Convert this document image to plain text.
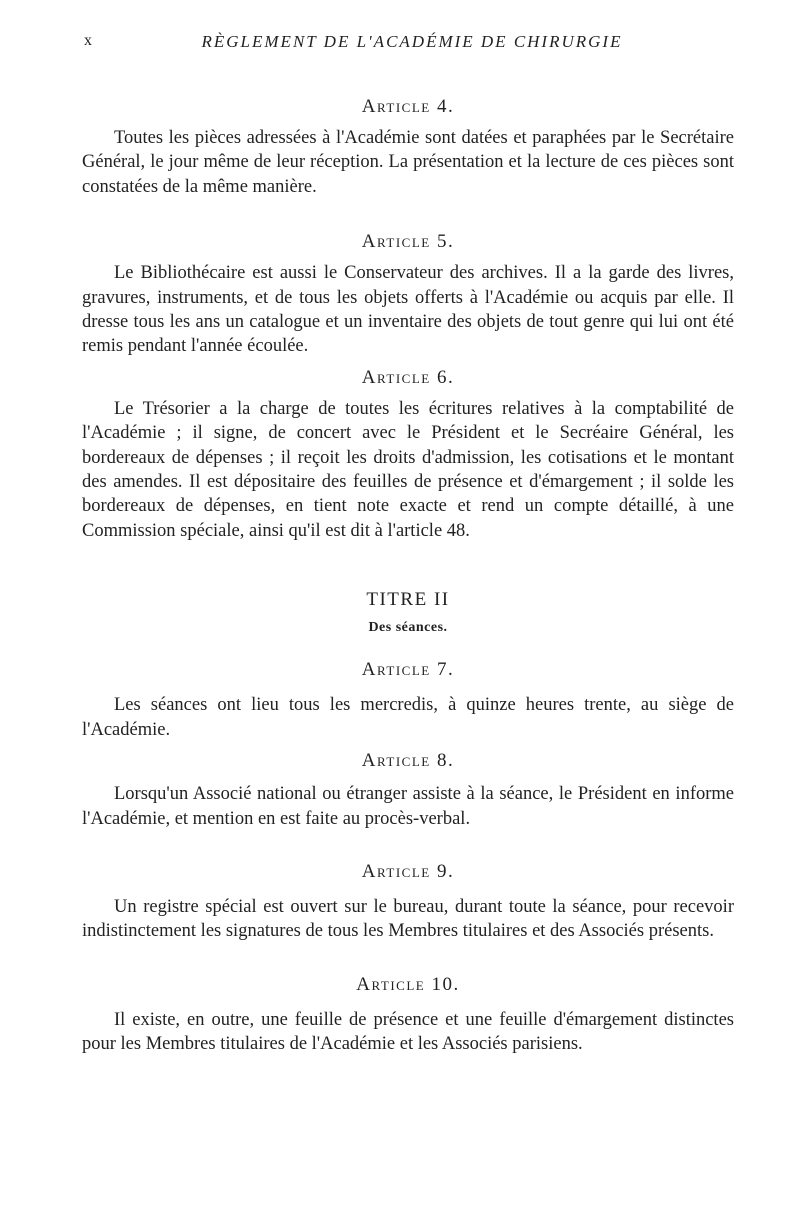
x	RÈGLEMENT DE L'ACADÉMIE DE CHIRURGIE
Article 4.

Toutes les pièces adressées à l'Académie sont datées et paraphées par le Secrétaire Général, le jour même de leur réception. La présentation et la lecture de ces pièces sont constatées de la même manière.

Article 5.

Le Bibliothécaire est aussi le Conservateur des archives. Il a la garde des livres, gravures, instruments, et de tous les objets offerts à l'Académie ou acquis par elle. Il dresse tous les ans un catalogue et un inventaire des objets de tout genre qui lui ont été remis pendant l'année écoulée.

Article 6.

Le Trésorier a la charge de toutes les écritures relatives à la comptabilité de l'Académie ; il signe, de concert avec le Président et le Secréaire Général, les bordereaux de dépenses ; il reçoit les droits d'admission, les cotisations et le montant des amendes. Il est dépositaire des feuilles de présence et d'émargement ; il solde les bordereaux de dépenses, en tient note exacte et rend un compte détaillé, à une Commission spéciale, ainsi qu'il est dit à l'article 48.

TITRE II
Des séances.
Article 7.

Les séances ont lieu tous les mercredis, à quinze heures trente, au siège de l'Académie.

Article 8.

Lorsqu'un Associé national ou étranger assiste à la séance, le Président en informe l'Académie, et mention en est faite au procès-verbal.

Article 9.

Un registre spécial est ouvert sur le bureau, durant toute la séance, pour recevoir indistinctement les signatures de tous les Membres titulaires et des Associés présents.

Article 10.

Il existe, en outre, une feuille de présence et une feuille d'émargement distinctes pour les Membres titulaires de l'Académie et les Associés parisiens.
